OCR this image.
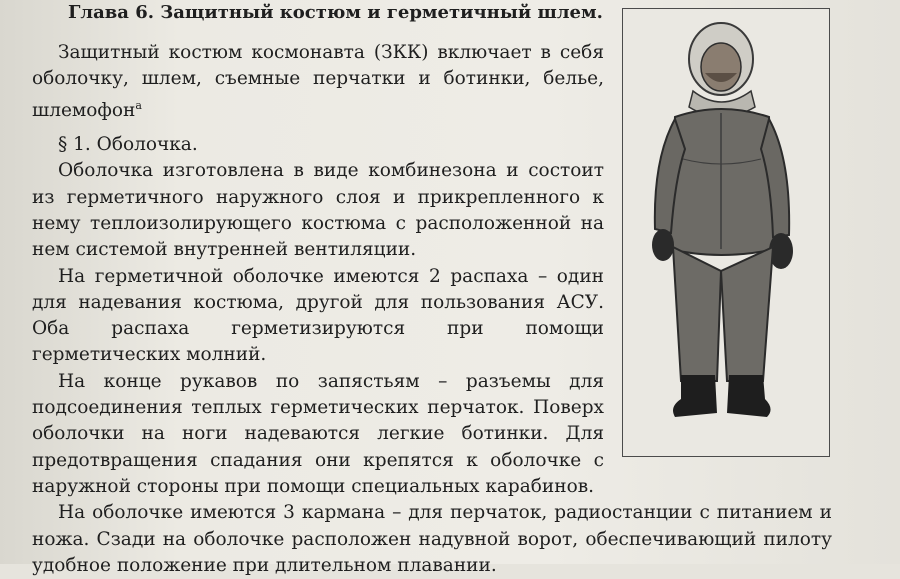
Глава 6. Защитный костюм и герметичный шлем.

Защитный костюм космонавта (ЗКК) включает в себя оболочку, шлем, съемные перчатки и ботинки, белье, шлемофон$^а$

§ 1. Оболочка.

Оболочка изготовлена в виде комбинезона и состоит из герметичного наружного слоя и прикрепленного к нему теплоизолирующего костюма с расположенной на нем системой внутренней вентиляции.

На герметичной оболочке имеются 2 распаха – один для надевания костюма, другой для пользования АСУ. Оба распаха герметизируются при помощи герметических молний.

На конце рукавов по запястьям – разъемы для подсоединения теплых герметических перчаток. Поверх оболочки на ноги надеваются легкие ботинки. Для предотвращения спадания они крепятся к оболочке с наружной стороны при помощи специальных карабинов.

На оболочке имеются 3 кармана – для перчаток, радиостанции с питанием и ножа. Сзади на оболочке расположен надувной ворот, обеспечивающий пилоту удобное положение при длительном плавании.
